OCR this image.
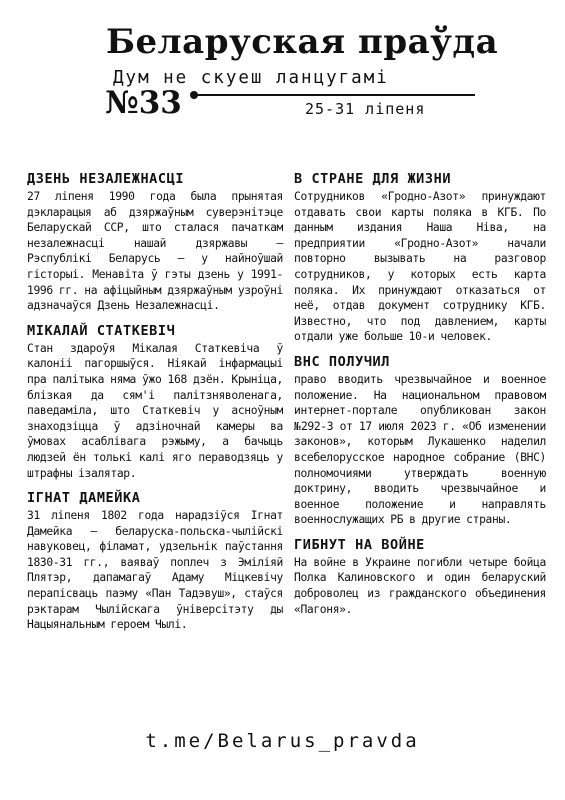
Беларуская праўда
Дум не скуеш ланцугамі
№33	25-31 ліпеня
ДЗЕНЬ НЕЗАЛЕЖНАСЦІ

27 ліпеня 1990 года была прынятая дэкларацыя аб дзяржаўным суверэнітэце Беларускай ССР, што сталася пачаткам незалежнасці нашай дзяржавы – Рэспублікі Беларусь – у найноўшай гісторыі. Менавіта ў гэты дзень у 1991-1996 гг. на афіцыйным дзяржаўным узроўні адзначаўся Дзень Незалежнасці.

МІКАЛАЙ СТАТКЕВІЧ

Стан здароўя Мікалая Статкевіча ў калоніі пагоршыўся. Ніякай інфармацыі пра палітыка няма ўжо 168 дзён. Крыніца, блізкая да сям'і палітзняволенага, паведаміла, што Статкевіч у асноўным знаходзіцца ў адзіночнай камеры ва ўмовах асаблівага рэжыму, а бачыць людзей ён толькі калі яго пераводзяць у штрафны ізалятар.

ІГНАТ ДАМЕЙКА

31 ліпеня 1802 года нарадзіўся Ігнат Дамейка – беларуска-польска-чылійскі навуковец, філамат, удзельнік паўстання 1830-31 гг., ваяваў поплеч з Эміліяй Плятэр, дапамагаў Адаму Міцкевічу перапісваць паэму «Пан Тадэвуш», стаўся рэктарам Чылійскага ўніверсітэту ды Нацыянальным героем Чылі.

В СТРАНЕ ДЛЯ ЖИЗНИ

Сотрудников «Гродно-Азот» принуждают отдавать свои карты поляка в КГБ. По данным издания Наша Ніва, на предприятии «Гродно-Азот» начали повторно вызывать на разговор сотрудников, у которых есть карта поляка. Их принуждают отказаться от неё, отдав документ сотруднику КГБ. Известно, что под давлением, карты отдали уже больше 10-и человек.

ВНС ПОЛУЧИЛ

право вводить чрезвычайное и военное положение. На национальном правовом интернет-портале опубликован закон №292-З от 17 июля 2023 г. «Об изменении законов», которым Лукашенко наделил всебелорусское народное собрание (ВНС) полномочиями утверждать военную доктрину, вводить чрезвычайное и военное положение и направлять военнослужащих РБ в другие страны.

ГИБНУТ НА ВОЙНЕ

На войне в Украине погибли четыре бойца Полка Калиновского и один беларуский доброволец из гражданского объединения «Пагоня».

t.me/Belarus_pravda
